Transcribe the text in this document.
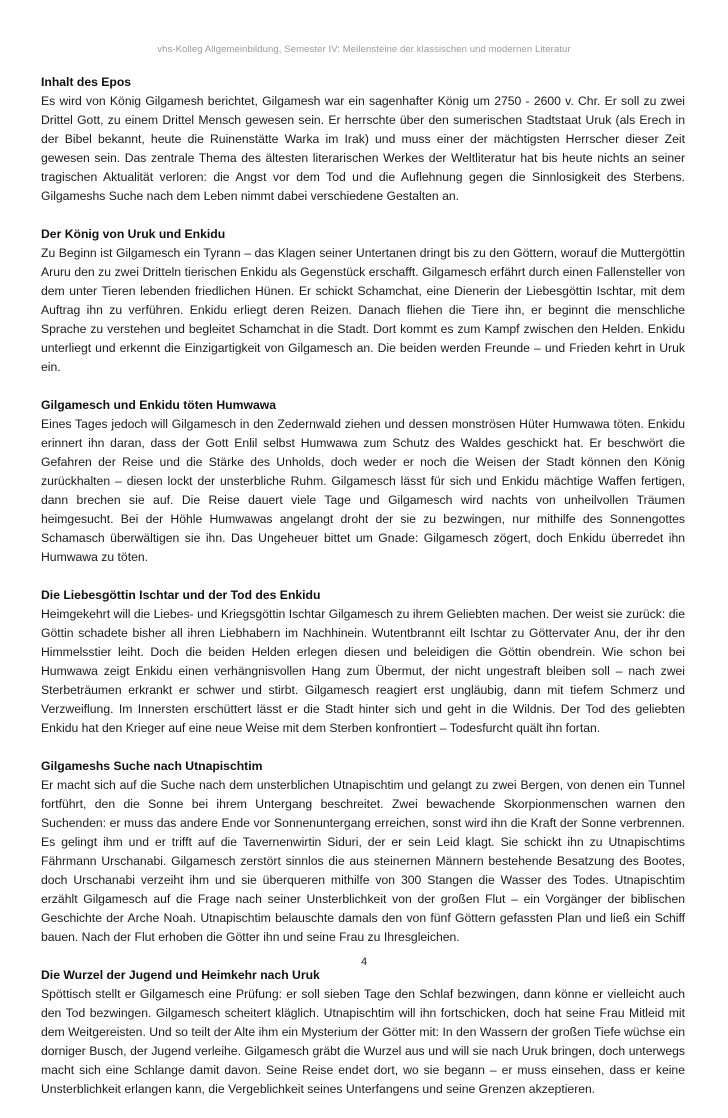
vhs-Kolleg Allgemeinbildung, Semester IV: Meilensteine der klassischen und modernen Literatur
Inhalt des Epos

Es wird von König Gilgamesh berichtet, Gilgamesh war ein sagenhafter König um 2750 - 2600 v. Chr. Er soll zu zwei Drittel Gott, zu einem Drittel Mensch gewesen sein. Er herrschte über den sumerischen Stadtstaat Uruk (als Erech in der Bibel bekannt, heute die Ruinenstätte Warka im Irak) und muss einer der mächtigsten Herrscher dieser Zeit gewesen sein. Das zentrale Thema des ältesten literarischen Werkes der Weltliteratur hat bis heute nichts an seiner tragischen Aktualität verloren: die Angst vor dem Tod und die Auflehnung gegen die Sinnlosigkeit des Sterbens. Gilgameshs Suche nach dem Leben nimmt dabei verschiedene Gestalten an.

Der König von Uruk und Enkidu

Zu Beginn ist Gilgamesch ein Tyrann – das Klagen seiner Untertanen dringt bis zu den Göttern, worauf die Muttergöttin Aruru den zu zwei Dritteln tierischen Enkidu als Gegenstück erschafft. Gilgamesch erfährt durch einen Fallensteller von dem unter Tieren lebenden friedlichen Hünen. Er schickt Schamchat, eine Dienerin der Liebesgöttin Ischtar, mit dem Auftrag ihn zu verführen. Enkidu erliegt deren Reizen. Danach fliehen die Tiere ihn, er beginnt die menschliche Sprache zu verstehen und begleitet Schamchat in die Stadt. Dort kommt es zum Kampf zwischen den Helden. Enkidu unterliegt und erkennt die Einzigartigkeit von Gilgamesch an. Die beiden werden Freunde – und Frieden kehrt in Uruk ein.

Gilgamesch und Enkidu töten Humwawa

Eines Tages jedoch will Gilgamesch in den Zedernwald ziehen und dessen monströsen Hüter Humwawa töten. Enkidu erinnert ihn daran, dass der Gott Enlil selbst Humwawa zum Schutz des Waldes geschickt hat. Er beschwört die Gefahren der Reise und die Stärke des Unholds, doch weder er noch die Weisen der Stadt können den König zurückhalten – diesen lockt der unsterbliche Ruhm. Gilgamesch lässt für sich und Enkidu mächtige Waffen fertigen, dann brechen sie auf. Die Reise dauert viele Tage und Gilgamesch wird nachts von unheilvollen Träumen heimgesucht. Bei der Höhle Humwawas angelangt droht der sie zu bezwingen, nur mithilfe des Sonnengottes Schamasch überwältigen sie ihn. Das Ungeheuer bittet um Gnade: Gilgamesch zögert, doch Enkidu überredet ihn Humwawa zu töten.

Die Liebesgöttin Ischtar und der Tod des Enkidu

Heimgekehrt will die Liebes- und Kriegsgöttin Ischtar Gilgamesch zu ihrem Geliebten machen. Der weist sie zurück: die Göttin schadete bisher all ihren Liebhabern im Nachhinein. Wutentbrannt eilt Ischtar zu Göttervater Anu, der ihr den Himmelsstier leiht. Doch die beiden Helden erlegen diesen und beleidigen die Göttin obendrein. Wie schon bei Humwawa zeigt Enkidu einen verhängnisvollen Hang zum Übermut, der nicht ungestraft bleiben soll – nach zwei Sterbeträumen erkrankt er schwer und stirbt. Gilgamesch reagiert erst ungläubig, dann mit tiefem Schmerz und Verzweiflung. Im Innersten erschüttert lässt er die Stadt hinter sich und geht in die Wildnis. Der Tod des geliebten Enkidu hat den Krieger auf eine neue Weise mit dem Sterben konfrontiert – Todesfurcht quält ihn fortan.

Gilgameshs Suche nach Utnapischtim

Er macht sich auf die Suche nach dem unsterblichen Utnapischtim und gelangt zu zwei Bergen, von denen ein Tunnel fortführt, den die Sonne bei ihrem Untergang beschreitet. Zwei bewachende Skorpionmenschen warnen den Suchenden: er muss das andere Ende vor Sonnenuntergang erreichen, sonst wird ihn die Kraft der Sonne verbrennen. Es gelingt ihm und er trifft auf die Tavernenwirtin Siduri, der er sein Leid klagt. Sie schickt ihn zu Utnapischtims Fährmann Urschanabi. Gilgamesch zerstört sinnlos die aus steinernen Männern bestehende Besatzung des Bootes, doch Urschanabi verzeiht ihm und sie überqueren mithilfe von 300 Stangen die Wasser des Todes. Utnapischtim erzählt Gilgamesch auf die Frage nach seiner Unsterblichkeit von der großen Flut – ein Vorgänger der biblischen Geschichte der Arche Noah. Utnapischtim belauschte damals den von fünf Göttern gefassten Plan und ließ ein Schiff bauen. Nach der Flut erhoben die Götter ihn und seine Frau zu Ihresgleichen.

Die Wurzel der Jugend und Heimkehr nach Uruk

Spöttisch stellt er Gilgamesch eine Prüfung: er soll sieben Tage den Schlaf bezwingen, dann könne er vielleicht auch den Tod bezwingen. Gilgamesch scheitert kläglich. Utnapischtim will ihn fortschicken, doch hat seine Frau Mitleid mit dem Weitgereisten. Und so teilt der Alte ihm ein Mysterium der Götter mit: In den Wassern der großen Tiefe wüchse ein dorniger Busch, der Jugend verleihe. Gilgamesch gräbt die Wurzel aus und will sie nach Uruk bringen, doch unterwegs macht sich eine Schlange damit davon. Seine Reise endet dort, wo sie begann – er muss einsehen, dass er keine Unsterblichkeit erlangen kann, die Vergeblichkeit seines Unterfangens und seine Grenzen akzeptieren.

4
